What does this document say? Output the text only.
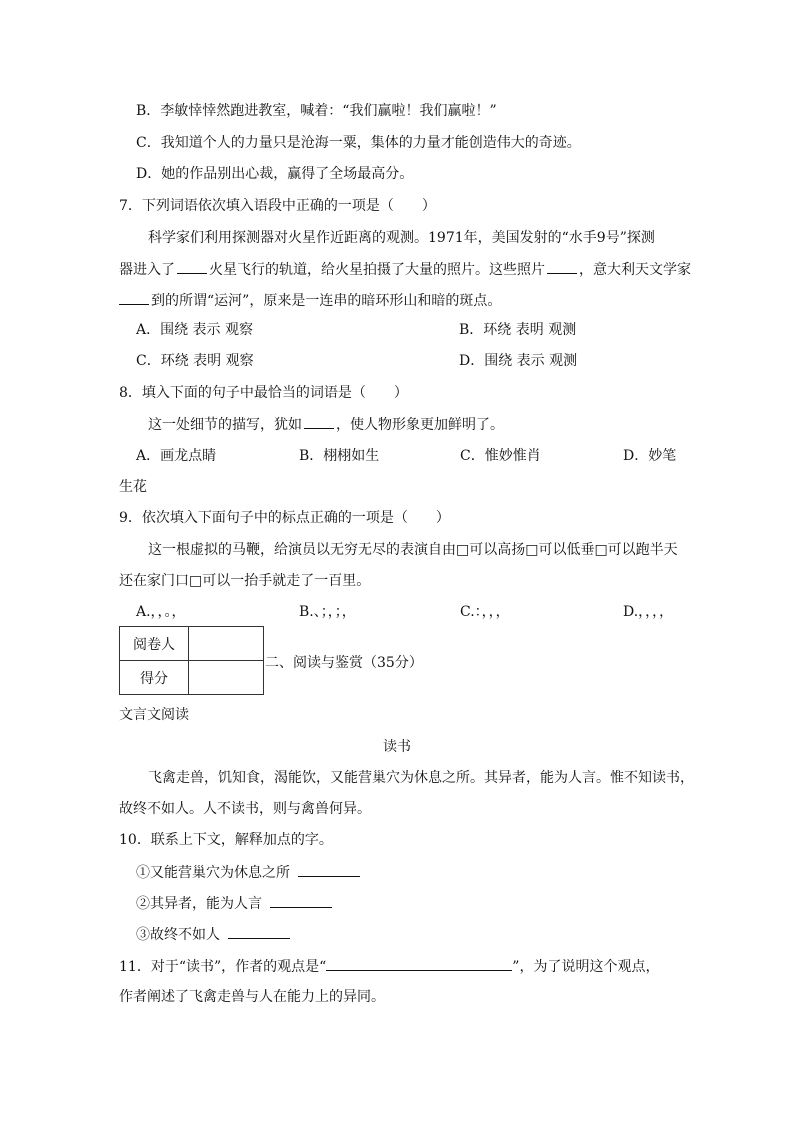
B．李敏悻悻然跑进教室，喊着：“我们赢啦！我们赢啦！”
C．我知道个人的力量只是沧海一粟，集体的力量才能创造伟大的奇迹。
D．她的作品别出心裁，赢得了全场最高分。
7．下列词语依次填入语段中正确的一项是（　　）
科学家们利用探测器对火星作近距离的观测。1971年，美国发射的“水手9号”探测
器进入了 火星飞行的轨道，给火星拍摄了大量的照片。这些照片 ，意大利天文学家
到的所谓“运河”，原来是一连串的暗环形山和暗的斑点。
A．围绕 表示 观察	B．环绕 表明 观测
C．环绕 表明 观察	D．围绕 表示 观测
8．填入下面的句子中最恰当的词语是（　　）
这一处细节的描写，犹如 ，使人物形象更加鲜明了。
A．画龙点睛	B．栩栩如生	C．惟妙惟肖	D．妙笔
生花
9．依次填入下面句子中的标点正确的一项是（　　）
这一根虚拟的马鞭，给演员以无穷无尽的表演自由□可以高扬□可以低垂□可以跑半天
还在家门口□可以一抬手就走了一百里。
A.，，。，	B.、；，；，	C.：，，，	D.，，，，
阅卷人	
得分	
二、阅读与鉴赏（35分）
文言文阅读
读书
飞禽走兽，饥知食，渴能饮，又能营巢穴为休息之所。其异者，能为人言。惟不知读书，
故终不如人。人不读书，则与禽兽何异。
10．联系上下文，解释加点的字。
①又能营巢穴为休息之所
②其异者，能为人言
③故终不如人
11．对于“读书”，作者的观点是“	”，为了说明这个观点，
作者阐述了飞禽走兽与人在能力上的异同。
